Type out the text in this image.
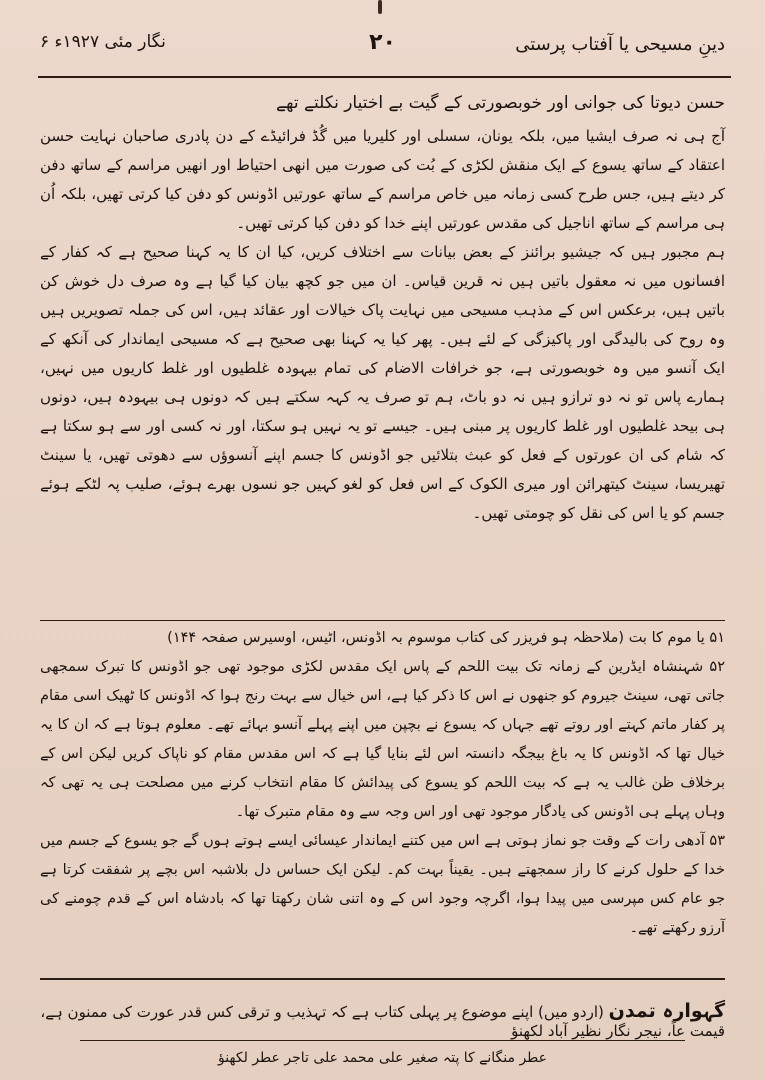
نگار مئی ۱۹۲۷ء ۶	۲۰	دینِ مسیحی یا آفتاب پرستی
حسن دیوتا کی جوانی اور خوبصورتی کے گیت بے اختیار نکلتے تھے

آج ہی نہ صرف ایشیا میں، بلکہ یونان، سسلی اور کلیریا میں گُڈ فرائیڈے کے دن پادری صاحبان نہایت حسن اعتقاد کے ساتھ یسوع کے ایک منقش لکڑی کے بُت کی صورت میں انھی احتیاط اور انھیں مراسم کے ساتھ دفن کر دیتے ہیں، جس طرح کسی زمانہ میں خاص مراسم کے ساتھ عورتیں اڈونس کو دفن کیا کرتی تھیں، بلکہ اُن ہی مراسم کے ساتھ اناجیل کی مقدس عورتیں اپنے خدا کو دفن کیا کرتی تھیں۔

ہم مجبور ہیں کہ جیشیو برائنز کے بعض بیانات سے اختلاف کریں، کیا ان کا یہ کہنا صحیح ہے کہ کفار کے افسانوں میں نہ معقول باتیں ہیں نہ قرین قیاس۔ ان میں جو کچھ بیان کیا گیا ہے وہ صرف دل خوش کن باتیں ہیں، برعکس اس کے مذہب مسیحی میں نہایت پاک خیالات اور عقائد ہیں، اس کی جملہ تصویریں ہیں وہ روح کی بالیدگی اور پاکیزگی کے لئے ہیں۔ پھر کیا یہ کہنا بھی صحیح ہے کہ مسیحی ایماندار کی آنکھ کے ایک آنسو میں وہ خوبصورتی ہے، جو خرافات الاضام کی تمام بیہودہ غلطیوں اور غلط کاریوں میں نہیں، ہمارے پاس تو نہ دو ترازو ہیں نہ دو باٹ، ہم تو صرف یہ کہہ سکتے ہیں کہ دونوں ہی بیہودہ ہیں، دونوں ہی بیحد غلطیوں اور غلط کاریوں پر مبنی ہیں۔ جیسے تو یہ نہیں ہو سکتا، اور نہ کسی اور سے ہو سکتا ہے کہ شام کی ان عورتوں کے فعل کو عبث بتلائیں جو اڈونس کا جسم اپنے آنسوؤں سے دھوتی تھیں، یا سینٹ تھیریسا، سینٹ کیتھرائن اور میری الکوک کے اس فعل کو لغو کہیں جو نسوں بھرے ہوئے، صلیب پہ لٹکے ہوئے جسم کو یا اس کی نقل کو چومتی تھیں۔

۵۱ یا موم کا بت (ملاحظہ ہو فریزر کی کتاب موسوم بہ اڈونس، اٹیس، اوسیرس صفحہ ۱۴۴)

۵۲ شہنشاہ ایڈرین کے زمانہ تک بیت اللحم کے پاس ایک مقدس لکڑی موجود تھی جو اڈونس کا تبرک سمجھی جاتی تھی، سینٹ جیروم کو جنھوں نے اس کا ذکر کیا ہے، اس خیال سے بہت رنج ہوا کہ اڈونس کا ٹھیک اسی مقام پر کفار ماتم کہتے اور روتے تھے جہاں کہ یسوع نے بچپن میں اپنے پہلے آنسو بہائے تھے۔ معلوم ہوتا ہے کہ ان کا یہ خیال تھا کہ اڈونس کا یہ باغ بیجگہ دانستہ اس لئے بنایا گیا ہے کہ اس مقدس مقام کو ناپاک کریں لیکن اس کے برخلاف ظن غالب یہ ہے کہ بیت اللحم کو یسوع کی پیدائش کا مقام انتخاب کرنے میں مصلحت ہی یہ تھی کہ وہاں پہلے ہی اڈونس کی یادگار موجود تھی اور اس وجہ سے وہ مقام متبرک تھا۔

۵۳ آدھی رات کے وقت جو نماز ہوتی ہے اس میں کتنے ایماندار عیسائی ایسے ہوتے ہوں گے جو یسوع کے جسم میں خدا کے حلول کرنے کا راز سمجھتے ہیں۔ یقیناً بہت کم۔ لیکن ایک حساس دل بلاشبہ اس بچے پر شفقت کرتا ہے جو عام کس مپرسی میں پیدا ہوا، اگرچہ وجود اس کے وہ اتنی شان رکھتا تھا کہ بادشاہ اس کے قدم چومنے کی آرزو رکھتے تھے۔

گہوارہ تمدن (اردو میں) اپنے موضوع پر پہلی کتاب ہے کہ تہذیب و ترقی کس قدر عورت کی ممنون ہے، قیمت عاً، نیجر نگار نظیر آباد لکھنؤ
عطر منگانے کا پتہ صغیر علی محمد علی تاجر عطر لکھنؤ
